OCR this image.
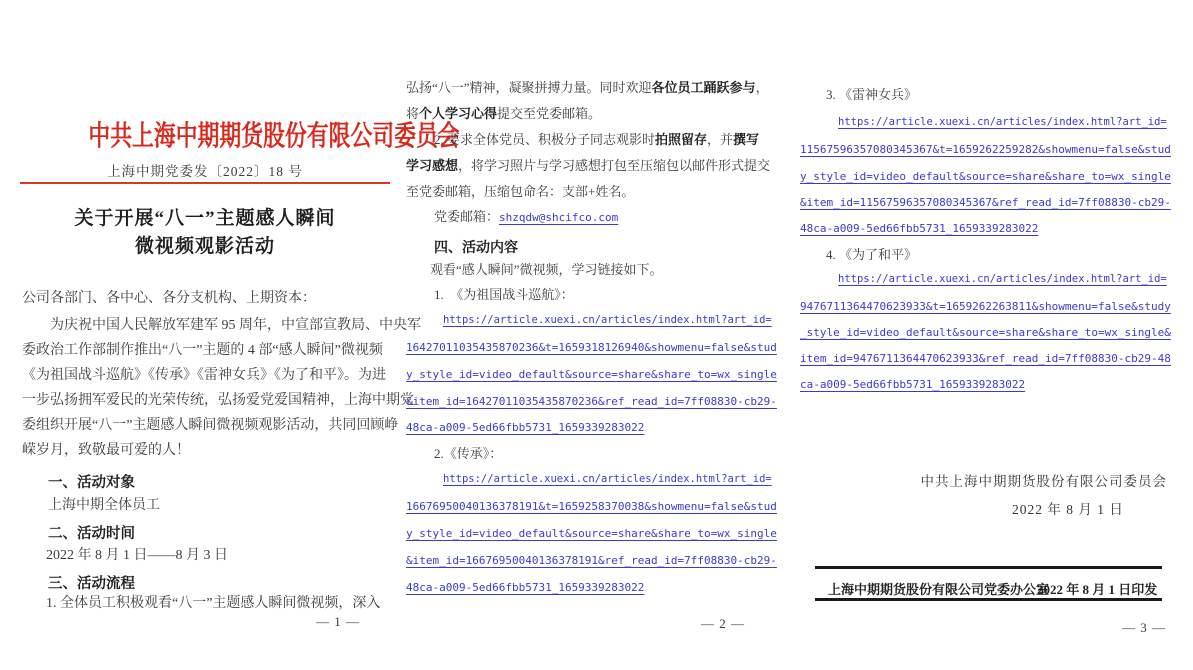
中共上海中期期货股份有限公司委员会

上海中期党委发〔2022〕18 号
关于开展“八一”主题感人瞬间
微视频观影活动
公司各部门、各中心、各分支机构、上期资本：
为庆祝中国人民解放军建军 95 周年，中宣部宣教局、中央军
委政治工作部制作推出“八一”主题的 4 部“感人瞬间”微视频
《为祖国战斗巡航》《传承》《雷神女兵》《为了和平》。为进
一步弘扬拥军爱民的光荣传统，弘扬爱党爱国精神，上海中期党
委组织开展“八一”主题感人瞬间微视频观影活动，共同回顾峥
嵘岁月，致敬最可爱的人！
一、活动对象
上海中期全体员工
二、活动时间
2022 年 8 月 1 日——8 月 3 日
三、活动流程
1. 全体员工积极观看“八一”主题感人瞬间微视频，深入
— 1 —
弘扬“八一”精神，凝聚拼搏力量。同时欢迎各位员工踊跃参与，
将个人学习心得提交至党委邮箱。
2. 要求全体党员、积极分子同志观影时拍照留存，并撰写
学习感想，将学习照片与学习感想打包至压缩包以邮件形式提交
至党委邮箱，压缩包命名：支部+姓名。
党委邮箱：shzqdw@shcifco.com
四、活动内容
观看“感人瞬间”微视频，学习链接如下。
1.  《为祖国战斗巡航》：
https://article.xuexi.cn/articles/index.html?art_id=
16427011035435870236&t=1659318126940&showmenu=false&stud
y_style_id=video_default&source=share&share_to=wx_single
&item_id=16427011035435870236&ref_read_id=7ff08830-cb29-
48ca-a009-5ed66fbb5731_1659339283022
2.《传承》：
https://article.xuexi.cn/articles/index.html?art_id=
16676950040136378191&t=1659258370038&showmenu=false&stud
y_style_id=video_default&source=share&share_to=wx_single
&item_id=16676950040136378191&ref_read_id=7ff08830-cb29-
48ca-a009-5ed66fbb5731_1659339283022
— 2 —
3. 《雷神女兵》
https://article.xuexi.cn/articles/index.html?art_id=
11567596357080345367&t=1659262259282&showmenu=false&stud
y_style_id=video_default&source=share&share_to=wx_single
&item_id=11567596357080345367&ref_read_id=7ff08830-cb29-
48ca-a009-5ed66fbb5731_1659339283022
4. 《为了和平》
https://article.xuexi.cn/articles/index.html?art_id=
9476711364470623933&t=1659262263811&showmenu=false&study
_style_id=video_default&source=share&share_to=wx_single&
item_id=9476711364470623933&ref_read_id=7ff08830-cb29-48
ca-a009-5ed66fbb5731_1659339283022
中共上海中期期货股份有限公司委员会
2022 年 8 月 1 日
上海中期期货股份有限公司党委办公室
2022 年 8 月 1 日印发
— 3 —
